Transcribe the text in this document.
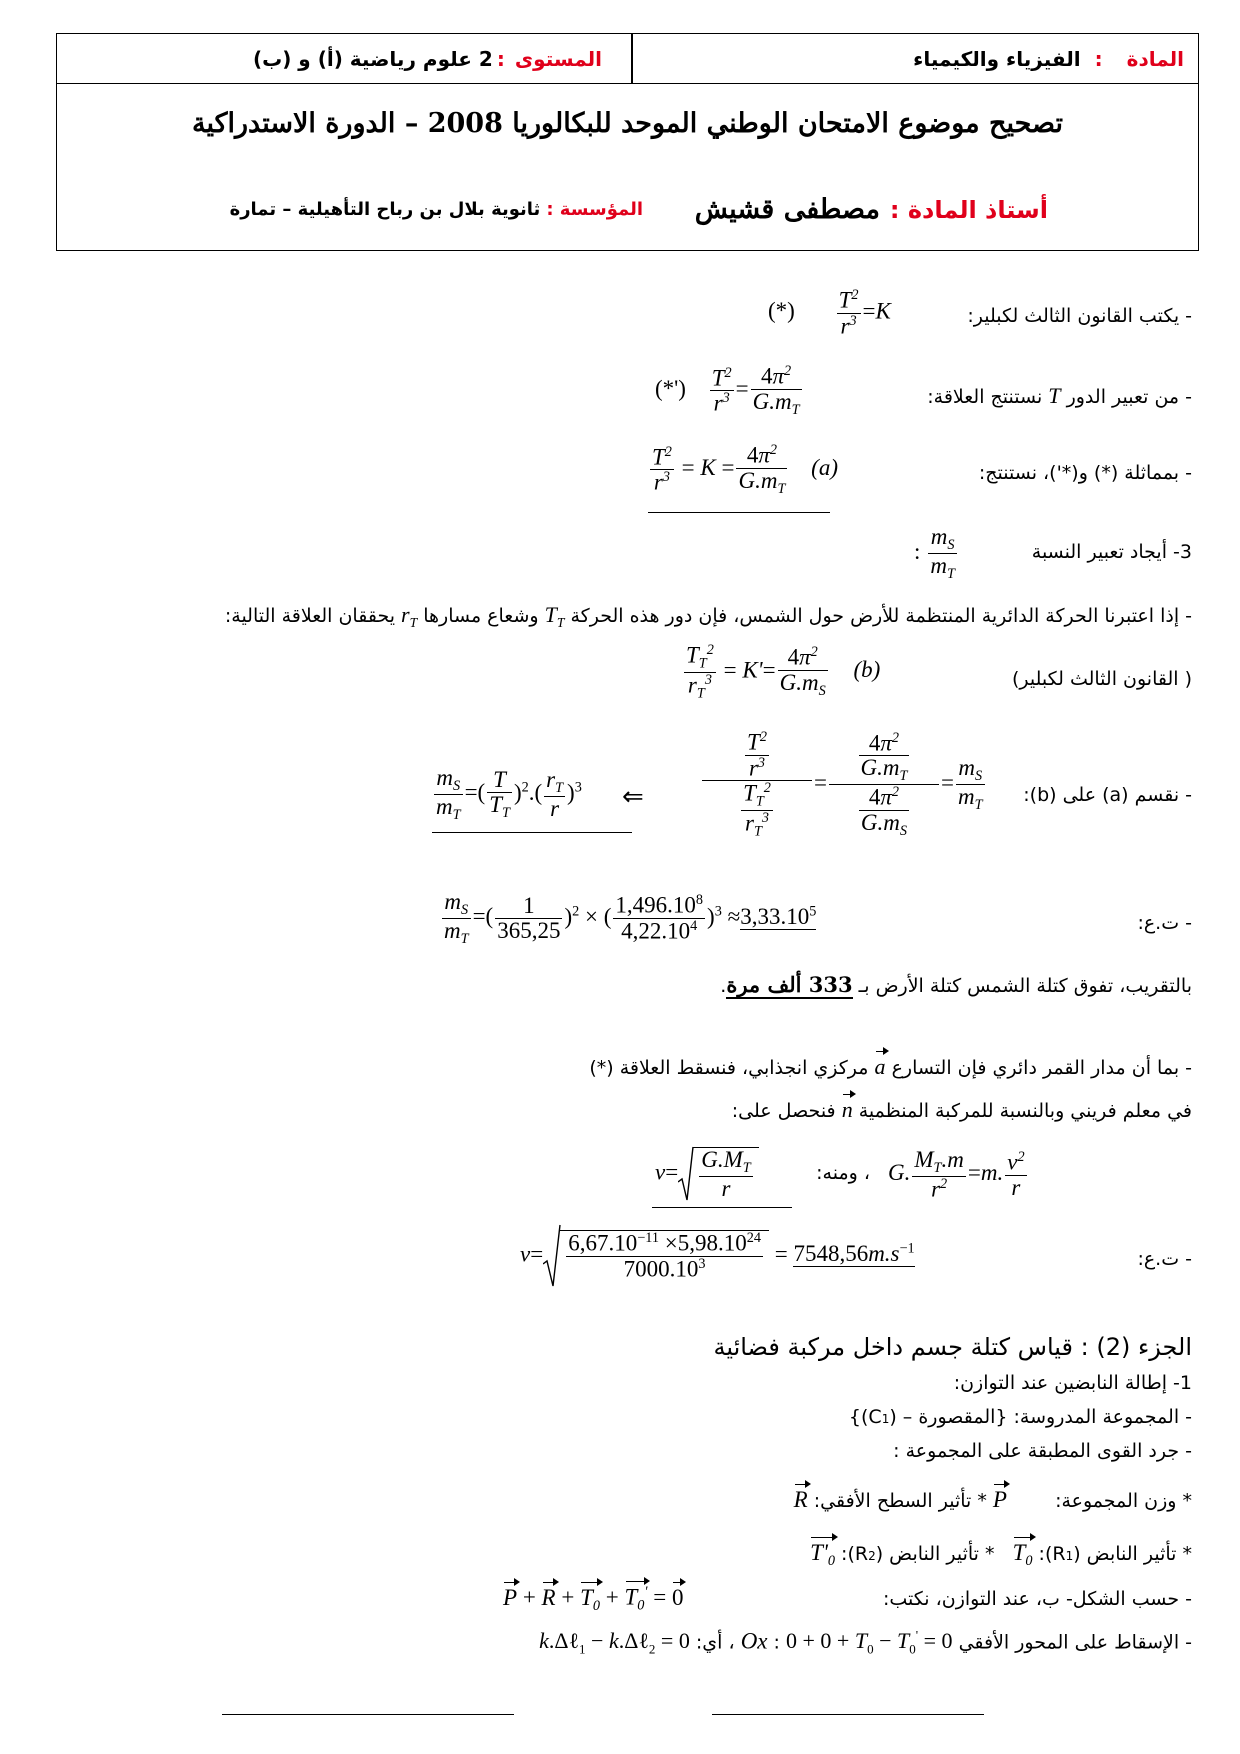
المادة
:
الفيزياء والكيمياء
المستوى
:
2 علوم رياضية (أ) و (ب)
تصحيح موضوع الامتحان الوطني الموحد للبكالوريا 2008 – الدورة الاستدراكية
أستاذ المادة :
مصطفى قشيش
المؤسسة :
ثانوية بلال بن رباح التأهيلية – تمارة
- يكتب القانون الثالث لكبلير:
(*) $\frac{T^2}{r^3} =K$
- من تعبير الدور T نستنتج العلاقة:
(*') $\frac{T^2}{r^3} = \frac{4\pi^2}{G.m_T}$
- بمماثلة (*) و(*')، نستنتج:
$\frac{T^2}{r^3} = K = \frac{4\pi^2}{G.m_T} (a)$
3- أيجاد تعبير النسبة
: $\frac{m_S}{m_T}$
- إذا اعتبرنا الحركة الدائرية المنتظمة للأرض حول الشمس، فإن دور هذه الحركة $T_T$ وشعاع مسارها $r_T$ يحققان العلاقة التالية:
( القانون الثالث لكبلير)
$\frac{T_T^2}{r_T^3} = K'= \frac{4\pi^2}{G.m_S} (b)$
- نقسم (a) على (b):
$\frac{\frac{T^2}{r^3}}{\frac{T_T^2}{r_T^3}} = \frac{\frac{4\pi^2}{G.m_T}}{\frac{4\pi^2}{G.m_S}} = \frac{m_S}{m_T}$
⇐
$\frac{m_S}{m_T}$ =( $\frac{T}{T_T} )^2.( \frac{r_T}{r} )^3$
- ت.ع:
$\frac{m_S}{m_T}$ =( $\frac{1}{365,25} )^2$ × ( $\frac{1,496.10^8}{4,22.10^4} )^3 \approx 3,33.10^5$
بالتقريب، تفوق كتلة الشمس كتلة الأرض بـ 333 ألف مرة.
- بما أن مدار القمر دائري فإن التسارع a مركزي انجذابي، فنسقط العلاقة (*)
في معلم فريني وبالنسبة للمركبة المنظمية n فنحصل على:
G. $\frac{M_T.m}{r^2} =m$. $\frac{v^2}{r}$
، ومنه:
$v= \frac{G.M_T}{r}$
- ت.ع:
$v= \frac{6,67.10^{-11} \times 5,98.10^{24}}{7000.10^3} = 7548,56m.s^{-1}$
الجزء (2) : قياس كتلة جسم داخل مركبة فضائية
1- إطالة النابضين عند التوازن:
- المجموعة المدروسة: {المقصورة – (C1)}
- جرد القوى المطبقة على المجموعة :
* وزن المجموعة:  P * تأثير السطح الأفقي: R
* تأثير النابض (R1): $T_0$  * تأثير النابض (R2): $T'_0$
- حسب الشكل- ب، عند التوازن، نكتب:
$P + R + T_0 + T_0' = 0$
- الإسقاط على المحور الأفقي Ox : $0 + 0 + T_0 - T_0' = 0$ ، أي: k.Δℓ$_1$ − k.Δℓ$_2$ = 0
